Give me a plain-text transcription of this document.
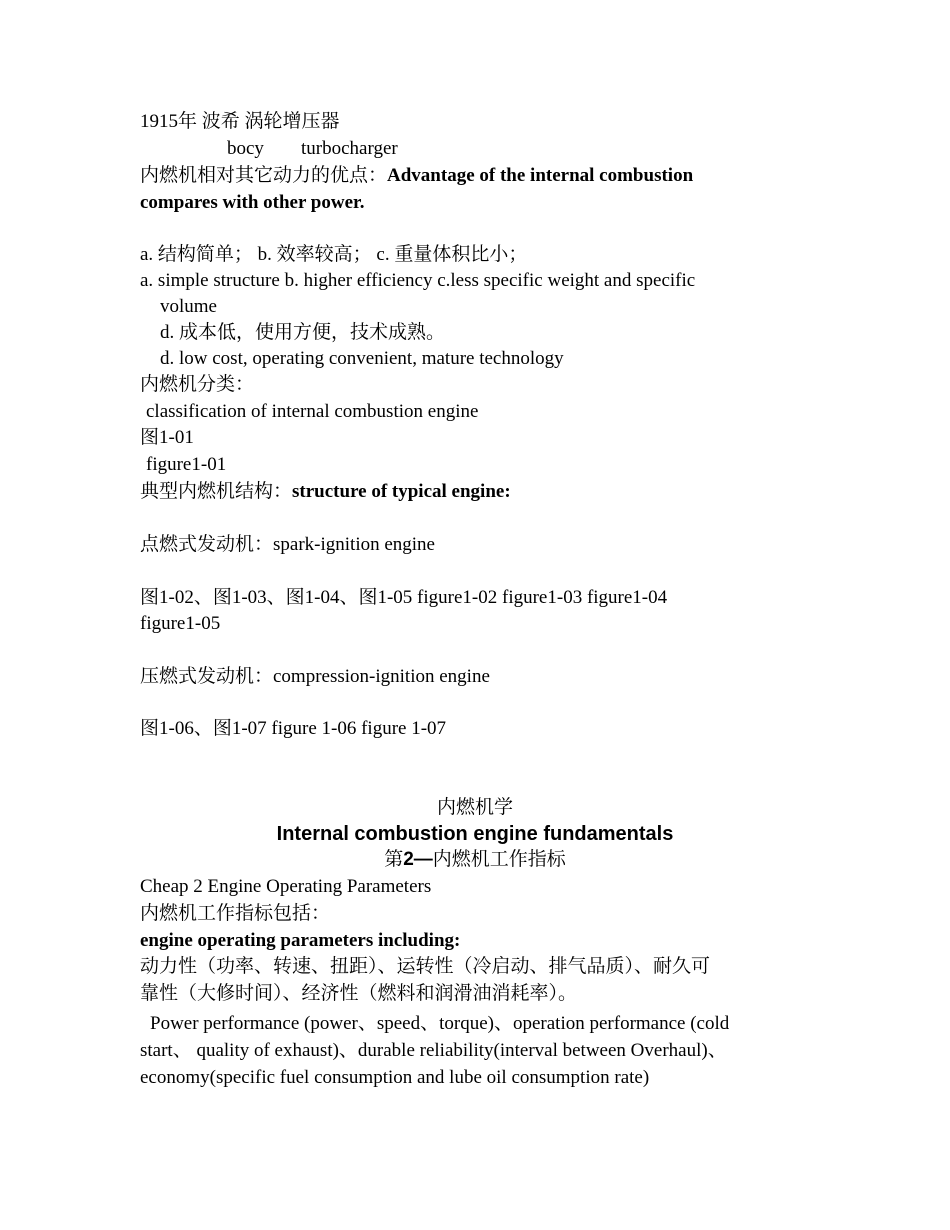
1915年 波希 涡轮增压器
bocy turbocharger
内燃机相对其它动力的优点：Advantage of the internal combustion
compares with other power.
a. 结构简单； b. 效率较高； c. 重量体积比小；
a. simple structure b. higher efficiency c.less specific weight and specific
volume
d. 成本低，使用方便，技术成熟。
d. low cost, operating convenient, mature technology
内燃机分类：
classification of internal combustion engine
图1-01
figure1-01
典型内燃机结构：structure of typical engine:
点燃式发动机：spark-ignition engine
图1-02、图1-03、图1-04、图1-05 figure1-02 figure1-03 figure1-04
figure1-05
压燃式发动机：compression-ignition engine
图1-06、图1-07 figure 1-06 figure 1-07
内燃机学
Internal combustion engine fundamentals
第2—内燃机工作指标
Cheap 2 Engine Operating Parameters
内燃机工作指标包括：
engine operating parameters including:
动力性（功率、转速、扭距）、运转性（冷启动、排气品质）、耐久可
靠性（大修时间）、经济性（燃料和润滑油消耗率）。
Power performance (power、speed、torque)、operation performance (cold
start、 quality of exhaust)、durable reliability(interval between Overhaul)、
economy(specific fuel consumption and lube oil consumption rate)
